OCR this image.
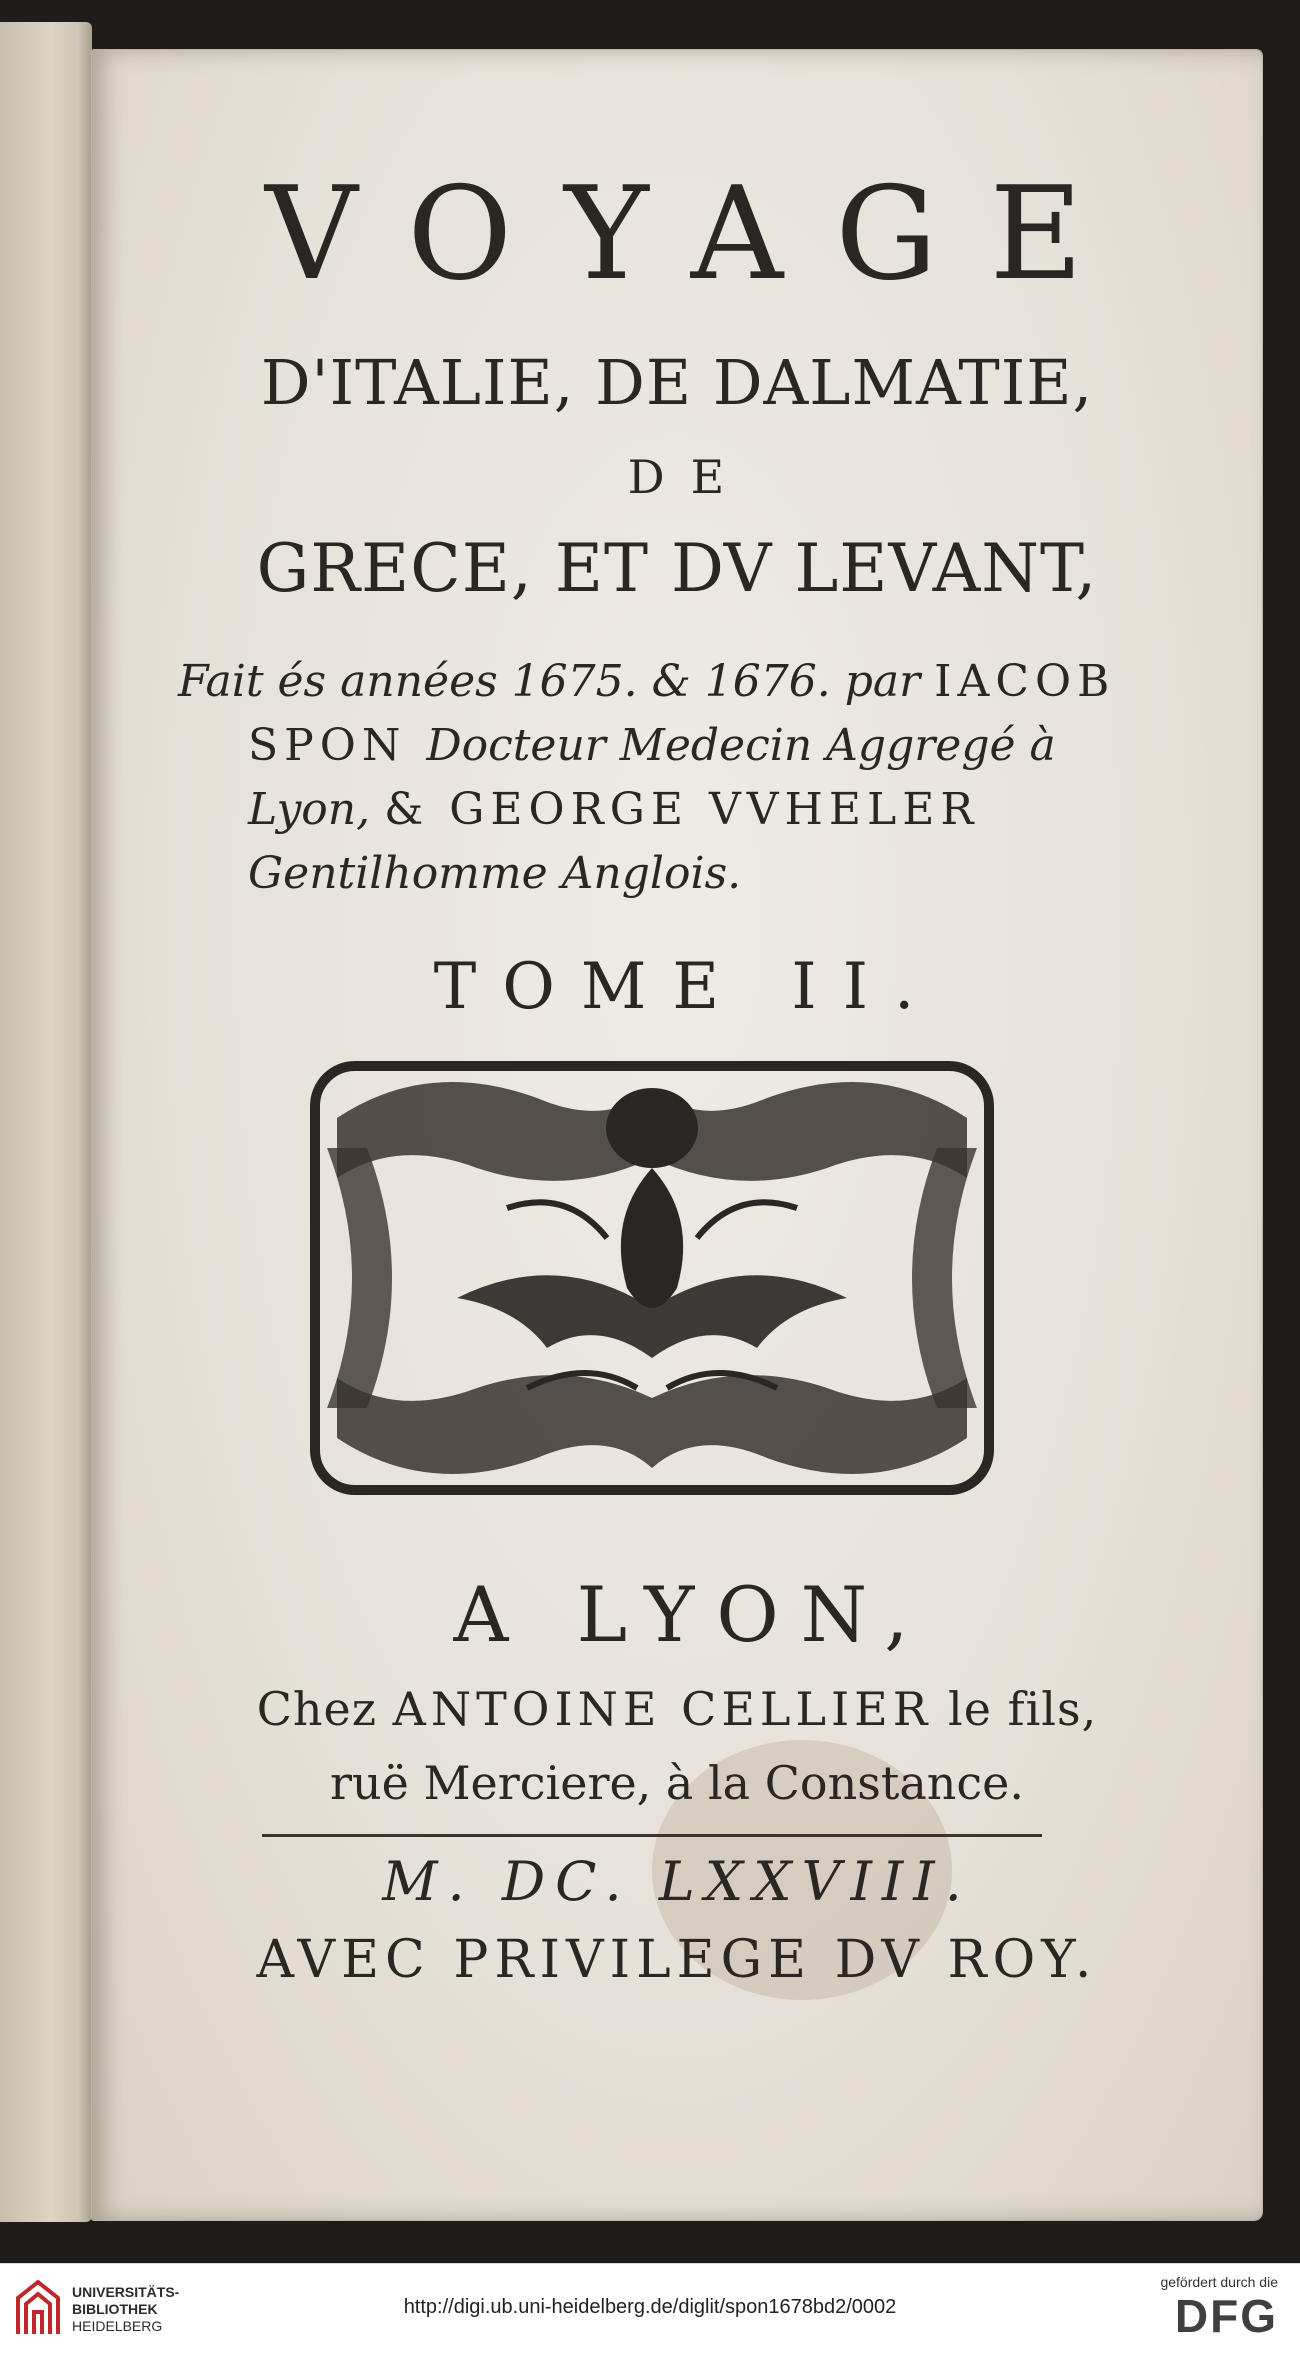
VOYAGE
D'ITALIE, DE DALMATIE,
DE
GRECE, ET DV LEVANT,
Fait és années 1675. & 1676. par IACOB
SPON Docteur Medecin Aggregé à
Lyon, & GEORGE VVHELER
Gentilhomme Anglois.
TOME II.
A LYON,
Chez ANTOINE CELLIER le fils,
ruë Merciere, à la Constance.
M. DC. LXXVIII.
AVEC PRIVILEGE DV ROY.
UNIVERSITÄTS-
BIBLIOTHEK
HEIDELBERG
http://digi.ub.uni-heidelberg.de/diglit/spon1678bd2/0002
gefördert durch die
DFG
